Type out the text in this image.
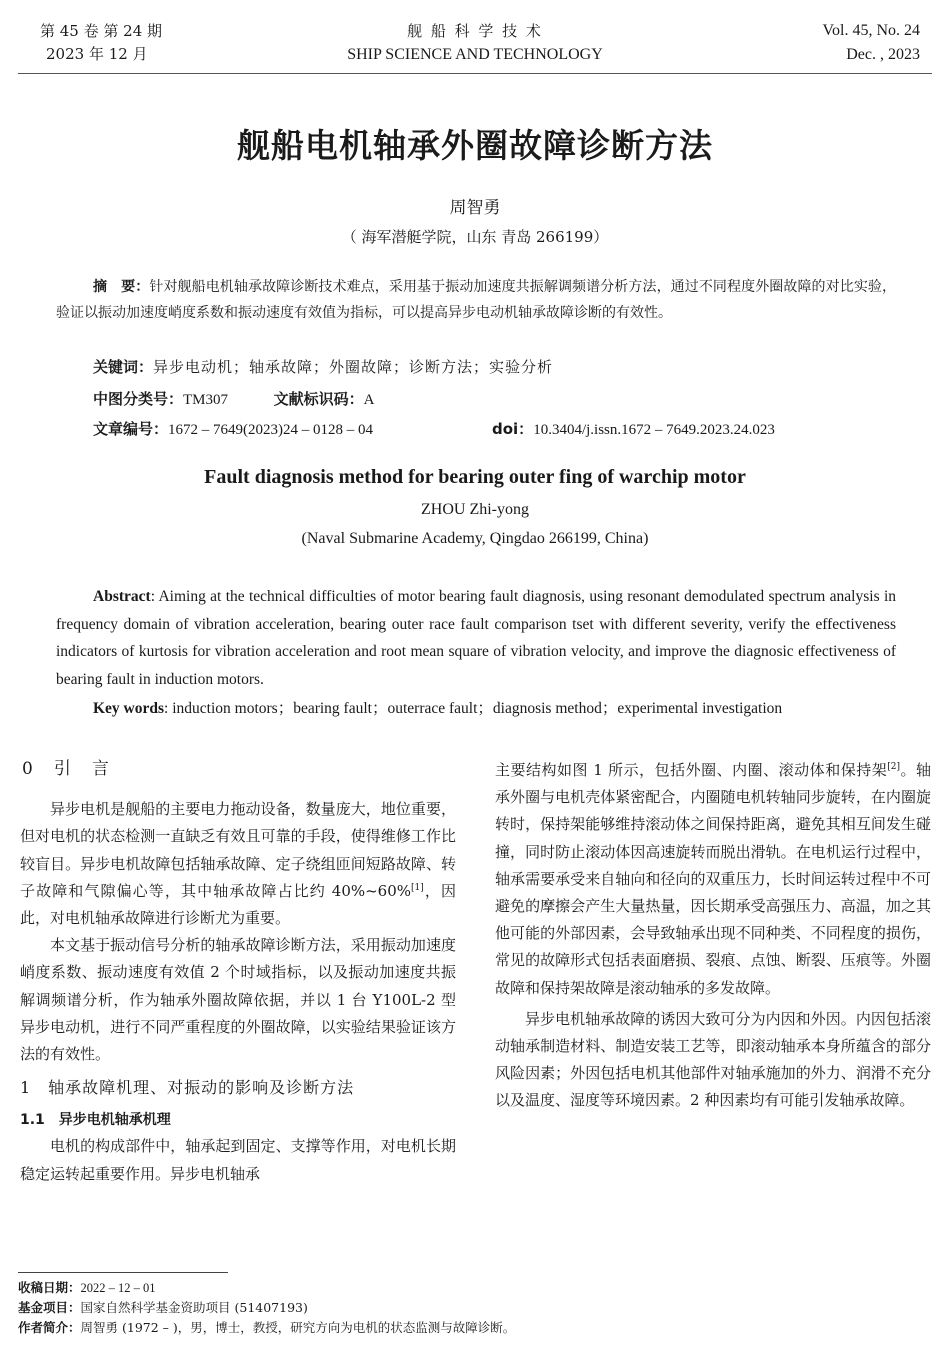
第 45 卷 第 24 期
2023 年 12 月
舰 船 科 学 技 术
SHIP SCIENCE AND TECHNOLOGY
Vol. 45, No. 24
Dec. , 2023
舰船电机轴承外圈故障诊断方法
周智勇
（ 海军潜艇学院，山东 青岛 266199）
摘　要：针对舰船电机轴承故障诊断技术难点，采用基于振动加速度共振解调频谱分析方法，通过不同程度外圈故障的对比实验，验证以振动加速度峭度系数和振动速度有效值为指标，可以提高异步电动机轴承故障诊断的有效性。
关键词：异步电动机；轴承故障；外圈故障；诊断方法；实验分析
中图分类号：TM307	文献标识码：A
文章编号：1672 – 7649(2023)24 – 0128 – 04	doi：10.3404/j.issn.1672 – 7649.2023.24.023
Fault diagnosis method for bearing outer fing of warchip motor
ZHOU Zhi-yong
(Naval Submarine Academy, Qingdao 266199, China)
Abstract: Aiming at the technical difficulties of motor bearing fault diagnosis, using resonant demodulated spectrum analysis in frequency domain of vibration acceleration, bearing outer race fault comparison tset with different severity, verify the effectiveness indicators of kurtosis for vibration acceleration and root mean square of vibration velocity, and improve the diagnosic effectiveness of bearing fault in induction motors.
Key words: induction motors；bearing fault；outerrace fault；diagnosis method；experimental investigation
0　引　言

异步电机是舰船的主要电力拖动设备，数量庞大，地位重要，但对电机的状态检测一直缺乏有效且可靠的手段，使得维修工作比较盲目。异步电机故障包括轴承故障、定子绕组匝间短路故障、转子故障和气隙偏心等，其中轴承故障占比约 40%~60%[1]，因此，对电机轴承故障进行诊断尤为重要。

本文基于振动信号分析的轴承故障诊断方法，采用振动加速度峭度系数、振动速度有效值 2 个时域指标，以及振动加速度共振解调频谱分析，作为轴承外圈故障依据，并以 1 台 Y100L-2 型异步电动机，进行不同严重程度的外圈故障，以实验结果验证该方法的有效性。

1　轴承故障机理、对振动的影响及诊断方法
1.1　异步电机轴承机理

电机的构成部件中，轴承起到固定、支撑等作用，对电机长期稳定运转起重要作用。异步电机轴承

主要结构如图 1 所示，包括外圈、内圈、滚动体和保持架[2]。轴承外圈与电机壳体紧密配合，内圈随电机转轴同步旋转，在内圈旋转时，保持架能够维持滚动体之间保持距离，避免其相互间发生碰撞，同时防止滚动体因高速旋转而脱出滑轨。在电机运行过程中，轴承需要承受来自轴向和径向的双重压力，长时间运转过程中不可避免的摩擦会产生大量热量，因长期承受高强压力、高温，加之其他可能的外部因素，会导致轴承出现不同种类、不同程度的损伤，常见的故障形式包括表面磨损、裂痕、点蚀、断裂、压痕等。外圈故障和保持架故障是滚动轴承的多发故障。

异步电机轴承故障的诱因大致可分为内因和外因。内因包括滚动轴承制造材料、制造安装工艺等，即滚动轴承本身所蕴含的部分风险因素；外因包括电机其他部件对轴承施加的外力、润滑不充分以及温度、湿度等环境因素。2 种因素均有可能引发轴承故障。

收稿日期：2022 – 12 – 01
基金项目：国家自然科学基金资助项目 (51407193)
作者简介：周智勇 (1972 – )，男，博士，教授，研究方向为电机的状态监测与故障诊断。
